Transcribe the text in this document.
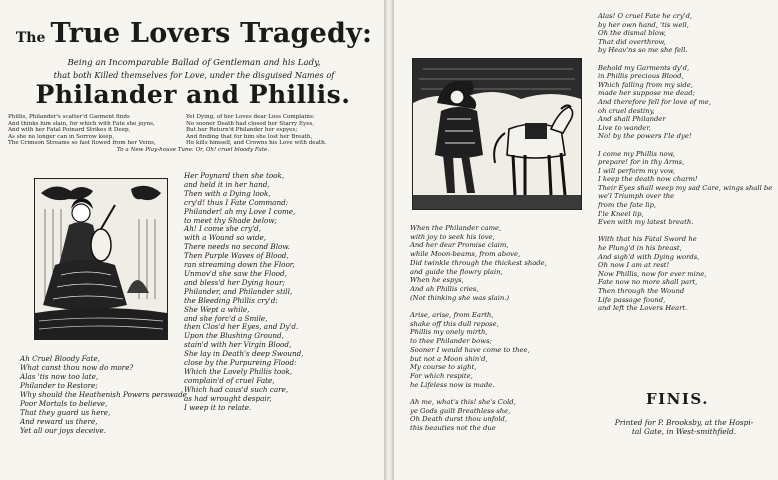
The True Lovers Tragedy:
Being an Incomparable Ballad of Gentleman and his Lady,
that both Killed themselves for Love, under the disguised Names of
Philander and Phillis.
Phillis, Philander's scatter'd Garment finds
And thinks him slain, for which with Fate she joyns,
And with her Fatal Poinard Strikes it Deep,
As she no longer can in Sorrow keep,
The Crimson Streams so fast flowed from her Veins,
Yet Dying, of her Loves dear Loss Complains:
No sooner Death had closed her Starry Eyes,
But her Return'd Philander her espyes;
And finding that for him she lost her Breath,
He kills himself, and Crowns his Love with death.
To a New Play-house Tune: Or, Oh! cruel bloody Fate.
Her Poynard then she took,
and held it in her hand,
Then with a Dying look,
cry'd! thus I Fate Command:
Philander! ah my Love I come,
to meet thy Shade below;
Ah! I come she cry'd,
with a Wound so wide,
There needs no second Blow.
Then Purple Waves of Blood,
ran streaming down the Floor,
Unmov'd she saw the Flood,
and bless'd her Dying hour;
Philander, and Philander still,
the Bleeding Phillis cry'd:
She Wept a while,
and she forc'd a Smile,
then Clos'd her Eyes, and Dy'd.
Upon the Blushing Ground,
stain'd with her Virgin Blood,
She lay in Death's deep Swound,
close by the Purpureing Flood:
Which the Lovely Phillis took,
complain'd of cruel Fate,
Which had caus'd such care,
as had wrought despair,
I weep it to relate.
Ah Cruel Bloody Fate,
What canst thou now do more?
Alas 'tis now too late,
Philander to Restore;
Why should the Heathenish Powers perswade
Poor Mortals to believe,
That they guard us here,
And reward us there,
Yet all our joys deceive.
Alas! O cruel Fate he cry'd,
by her own hand, 'tis well,
Oh the dismal blow,
That did overthrow,
by Heav'ns so me she fell.

Behold my Garments dy'd,
in Phillis precious Blood,
Which falling from my side,
made her suppose me dead;
And therefore fell for love of me,
oh cruel destiny,
And shall Philander
Live to wander,
No! by the powers I'le dye!

I come my Phillis now,
prepare! for in thy Arms,
I will perform my vow,
I keep the death now charm!
Their Eyes shall weep my sad Care, wings shall be
we'l Triumph over the
from the fate lip,
I'le Kneel lip,
Even with my latest breath.

With that his Fatal Sword he
he Plung'd in his breast,
And sigh'd with Dying words,
Oh now I am at rest!
Now Phillis, now for ever mine,
Fate now no more shall part,
Then through the Wound
Life passage found,
and left the Lovers Heart.
When the Philander came,
with joy to seek his love,
And her dear Promise claim,
while Moon-beams, from above,
Did twinkle through the thickest shade,
and guide the flowry plain,
When he espys,
And ah Phillis cries,
(Not thinking she was slain.)

Arise, arise, from Earth,
shake off this dull repose,
Phillis my onely mirth,
to thee Philander bows;
Sooner I would have come to thee,
but not a Moon shin'd,
My course to sight,
For which respite,
he Lifeless now is made.

Ah me, what's this! she's Cold,
ye Gods guilt Breathless she,
Oh Death durst thou unfold,
this beauties not the due
FINIS.
Printed for P. Brooksby, at the Hospi-
tal Gate, in West-smithfield.
